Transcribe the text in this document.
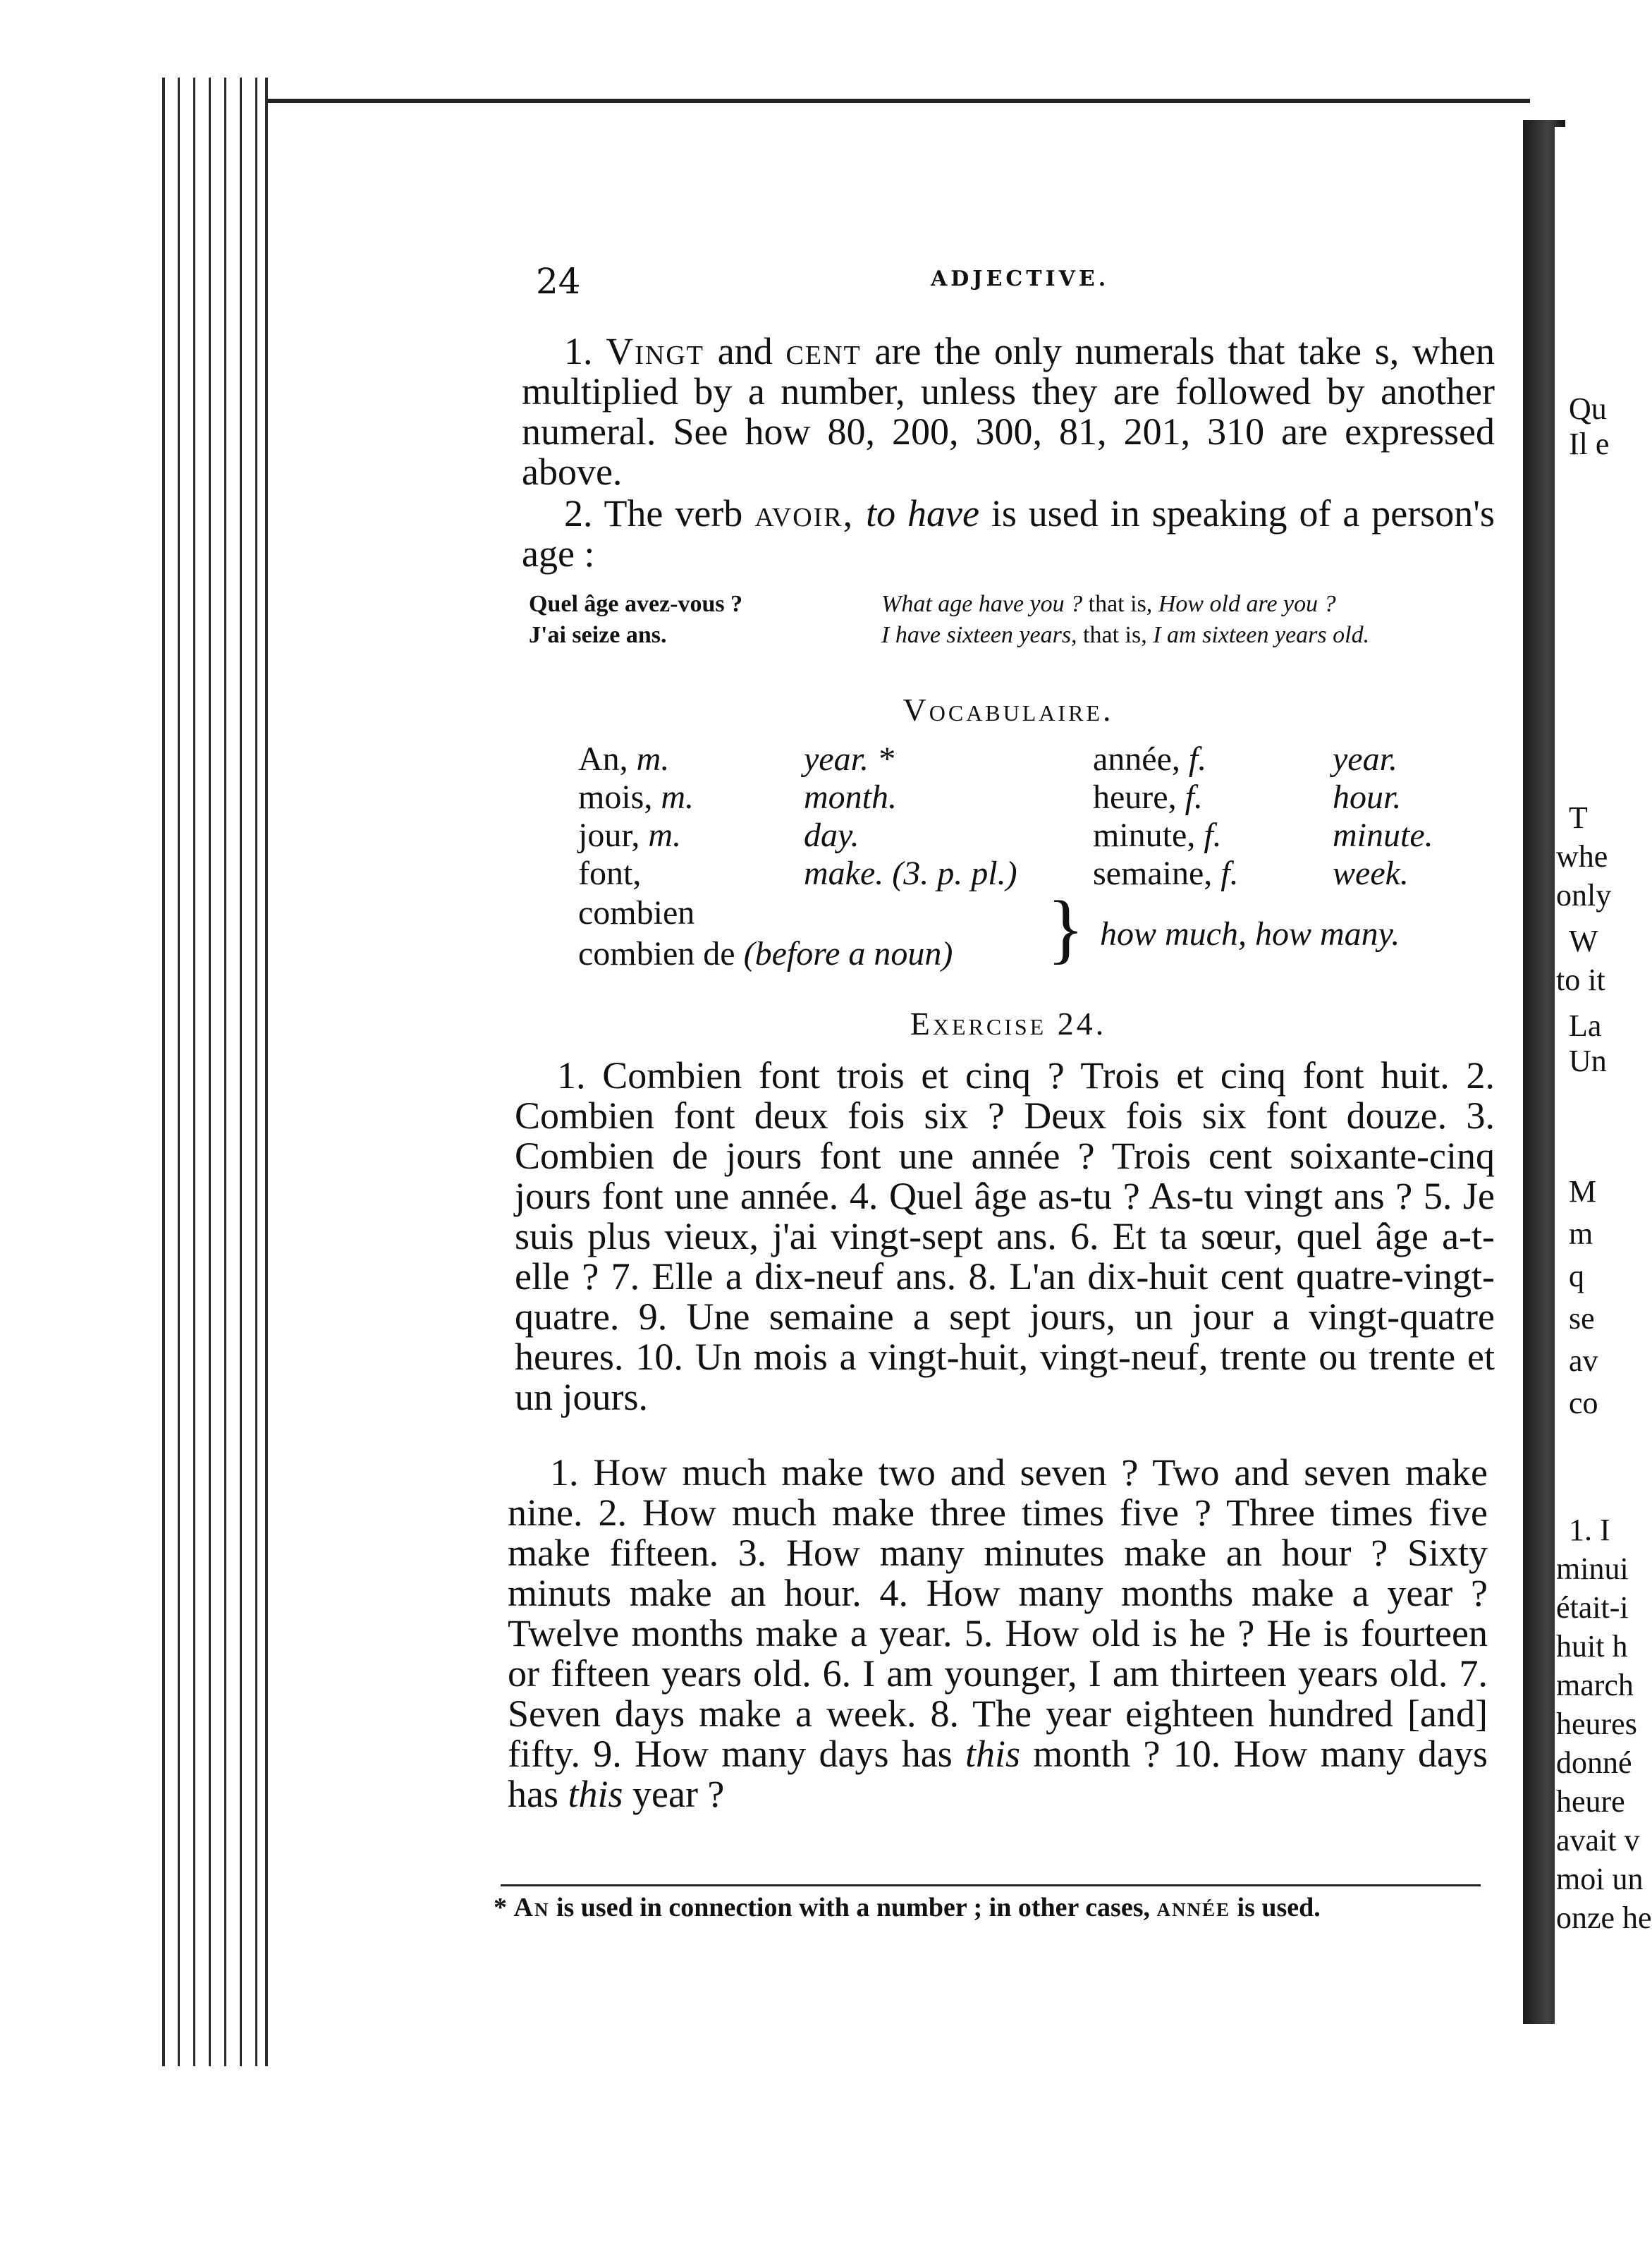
Qu
Il e
T
whe
only
W
to it
La
Un
M
m
q
se
av
co
1. I
minui
était-i
huit h
march
heures
donné
heure
avait v
moi un
onze he
24	ADJECTIVE.

1. Vingt and cent are the only numerals that take s, when multiplied by a number, unless they are followed by another numeral. See how 80, 200, 300, 81, 201, 310 are expressed above.

2. The verb avoir, to have is used in speaking of a person's age :

Quel âge avez-vous ?	What age have you ? that is, How old are you ?
J'ai seize ans.	I have sixteen years, that is, I am sixteen years old.
Vocabulaire.
An, m.	year. *	année, f.	year.
mois, m.	month.	heure, f.	hour.
jour, m.	day.	minute, f.	minute.
font,	make. (3. p. pl.)	semaine, f.	week.
combien
combien de (before a noun)	} how much, how many.
Exercise 24.

1. Combien font trois et cinq ? Trois et cinq font huit. 2. Combien font deux fois six ? Deux fois six font douze. 3. Combien de jours font une année ? Trois cent soixante-cinq jours font une année. 4. Quel âge as-tu ? As-tu vingt ans ? 5. Je suis plus vieux, j'ai vingt-sept ans. 6. Et ta sœur, quel âge a-t-elle ? 7. Elle a dix-neuf ans. 8. L'an dix-huit cent quatre-vingt-quatre. 9. Une semaine a sept jours, un jour a vingt-quatre heures. 10. Un mois a vingt-huit, vingt-neuf, trente ou trente et un jours.

1. How much make two and seven ? Two and seven make nine. 2. How much make three times five ? Three times five make fifteen. 3. How many minutes make an hour ? Sixty minuts make an hour. 4. How many months make a year ? Twelve months make a year. 5. How old is he ? He is fourteen or fifteen years old. 6. I am younger, I am thirteen years old. 7. Seven days make a week. 8. The year eighteen hundred [and] fifty. 9. How many days has this month ? 10. How many days has this year ?

* An is used in connection with a number ; in other cases, année is used.
